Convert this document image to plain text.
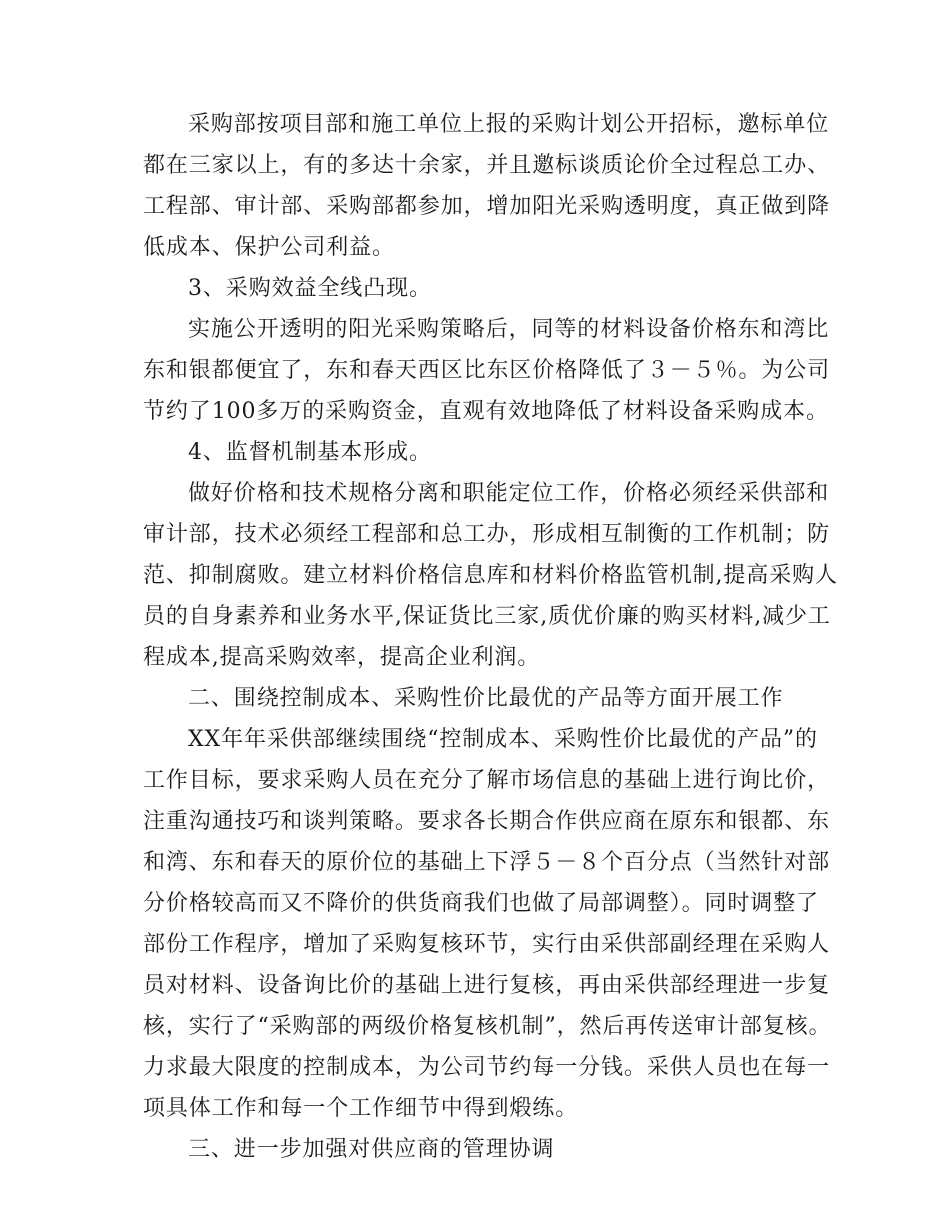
采购部按项目部和施工单位上报的采购计划公开招标，邀标单位
都在三家以上，有的多达十余家，并且邀标谈质论价全过程总工办、
工程部、审计部、采购部都参加，增加阳光采购透明度，真正做到降
低成本、保护公司利益。
3、采购效益全线凸现。
实施公开透明的阳光采购策略后，同等的材料设备价格东和湾比
东和银都便宜了，东和春天西区比东区价格降低了３－５％。为公司
节约了100多万的采购资金，直观有效地降低了材料设备采购成本。
4、监督机制基本形成。
做好价格和技术规格分离和职能定位工作，价格必须经采供部和
审计部，技术必须经工程部和总工办，形成相互制衡的工作机制；防
范、抑制腐败。建立材料价格信息库和材料价格监管机制,提高采购人
员的自身素养和业务水平,保证货比三家,质优价廉的购买材料,减少工
程成本,提高采购效率，提高企业利润。
二、围绕控制成本、采购性价比最优的产品等方面开展工作
XX年年采供部继续围绕“控制成本、采购性价比最优的产品”的
工作目标，要求采购人员在充分了解市场信息的基础上进行询比价，
注重沟通技巧和谈判策略。要求各长期合作供应商在原东和银都、东
和湾、东和春天的原价位的基础上下浮５－８个百分点（当然针对部
分价格较高而又不降价的供货商我们也做了局部调整）。同时调整了
部份工作程序，增加了采购复核环节，实行由采供部副经理在采购人
员对材料、设备询比价的基础上进行复核，再由采供部经理进一步复
核，实行了“采购部的两级价格复核机制”，然后再传送审计部复核。
力求最大限度的控制成本，为公司节约每一分钱。采供人员也在每一
项具体工作和每一个工作细节中得到煅练。
三、进一步加强对供应商的管理协调
